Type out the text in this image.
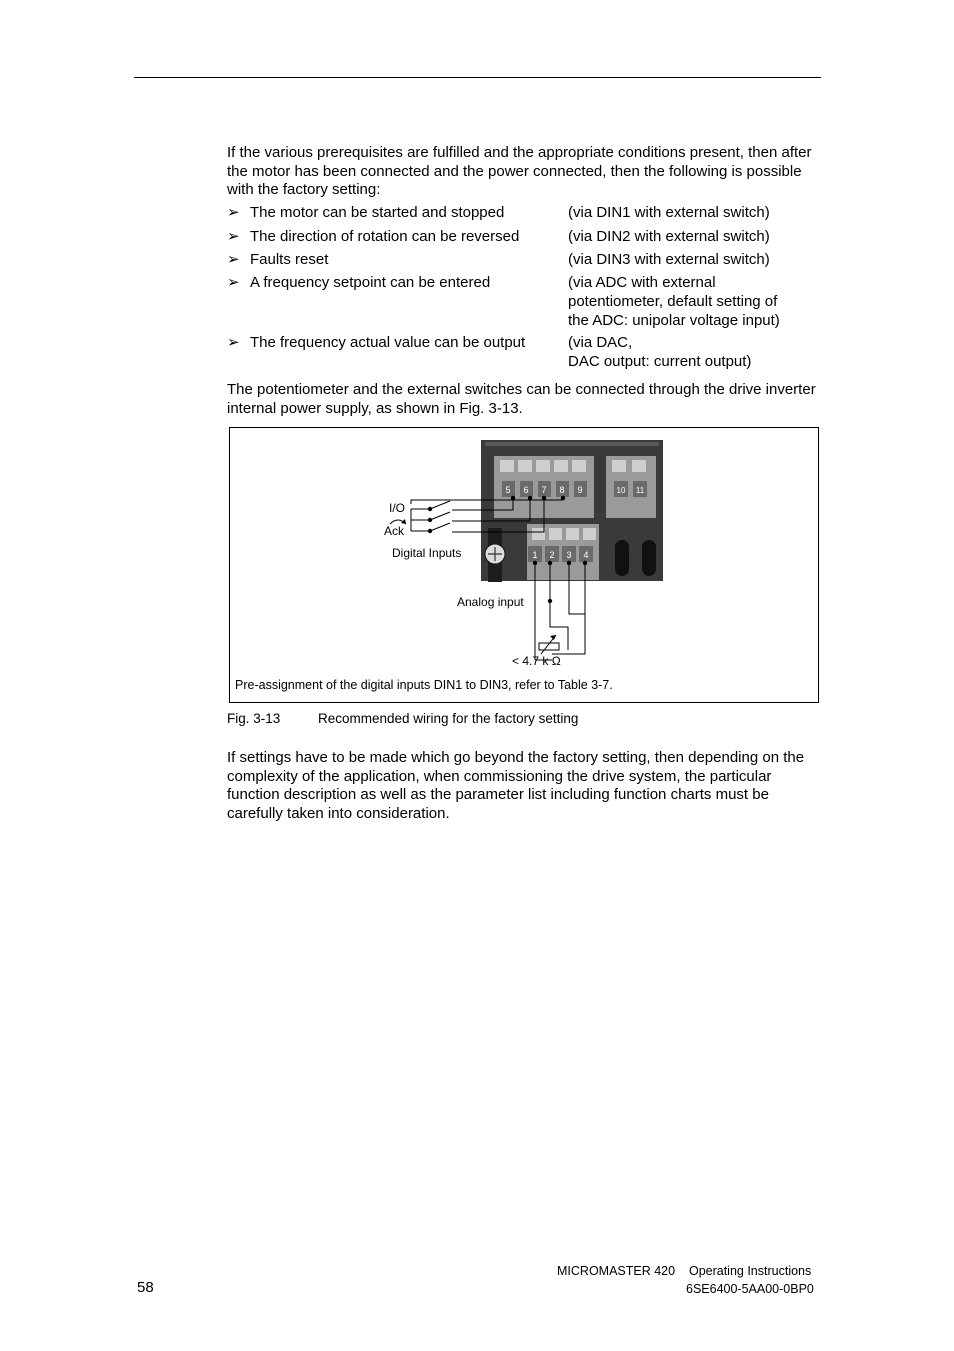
If the various prerequisites are fulfilled and the appropriate conditions present, then after the motor has been connected and the power connected, then the following is possible with the factory setting:

➢ The motor can be started and stopped	(via DIN1 with external switch)
➢ The direction of rotation can be reversed	(via DIN2 with external switch)
➢ Faults reset	(via DIN3 with external switch)
➢ A frequency setpoint can be entered	(via ADC with external
potentiometer, default setting of
the ADC: unipolar voltage input)
➢ The frequency actual value can be output	(via DAC,
DAC output: current output)

The potentiometer and the external switches can be connected through the drive inverter internal power supply, as shown in Fig. 3-13.

5 6 7 8 9	10 11
1 2 3 4
I/O
Ack
Digital Inputs
Analog input
< 4.7 k Ω
Pre-assignment of the digital inputs DIN1 to DIN3, refer to Table 3-7.
Fig. 3-13	Recommended wiring for the factory setting

If settings have to be made which go beyond the factory setting, then depending on the complexity of the application, when commissioning the drive system, the particular function description as well as the parameter list including function charts must be carefully taken into consideration.

58
MICROMASTER 420    Operating Instructions
6SE6400-5AA00-0BP0
